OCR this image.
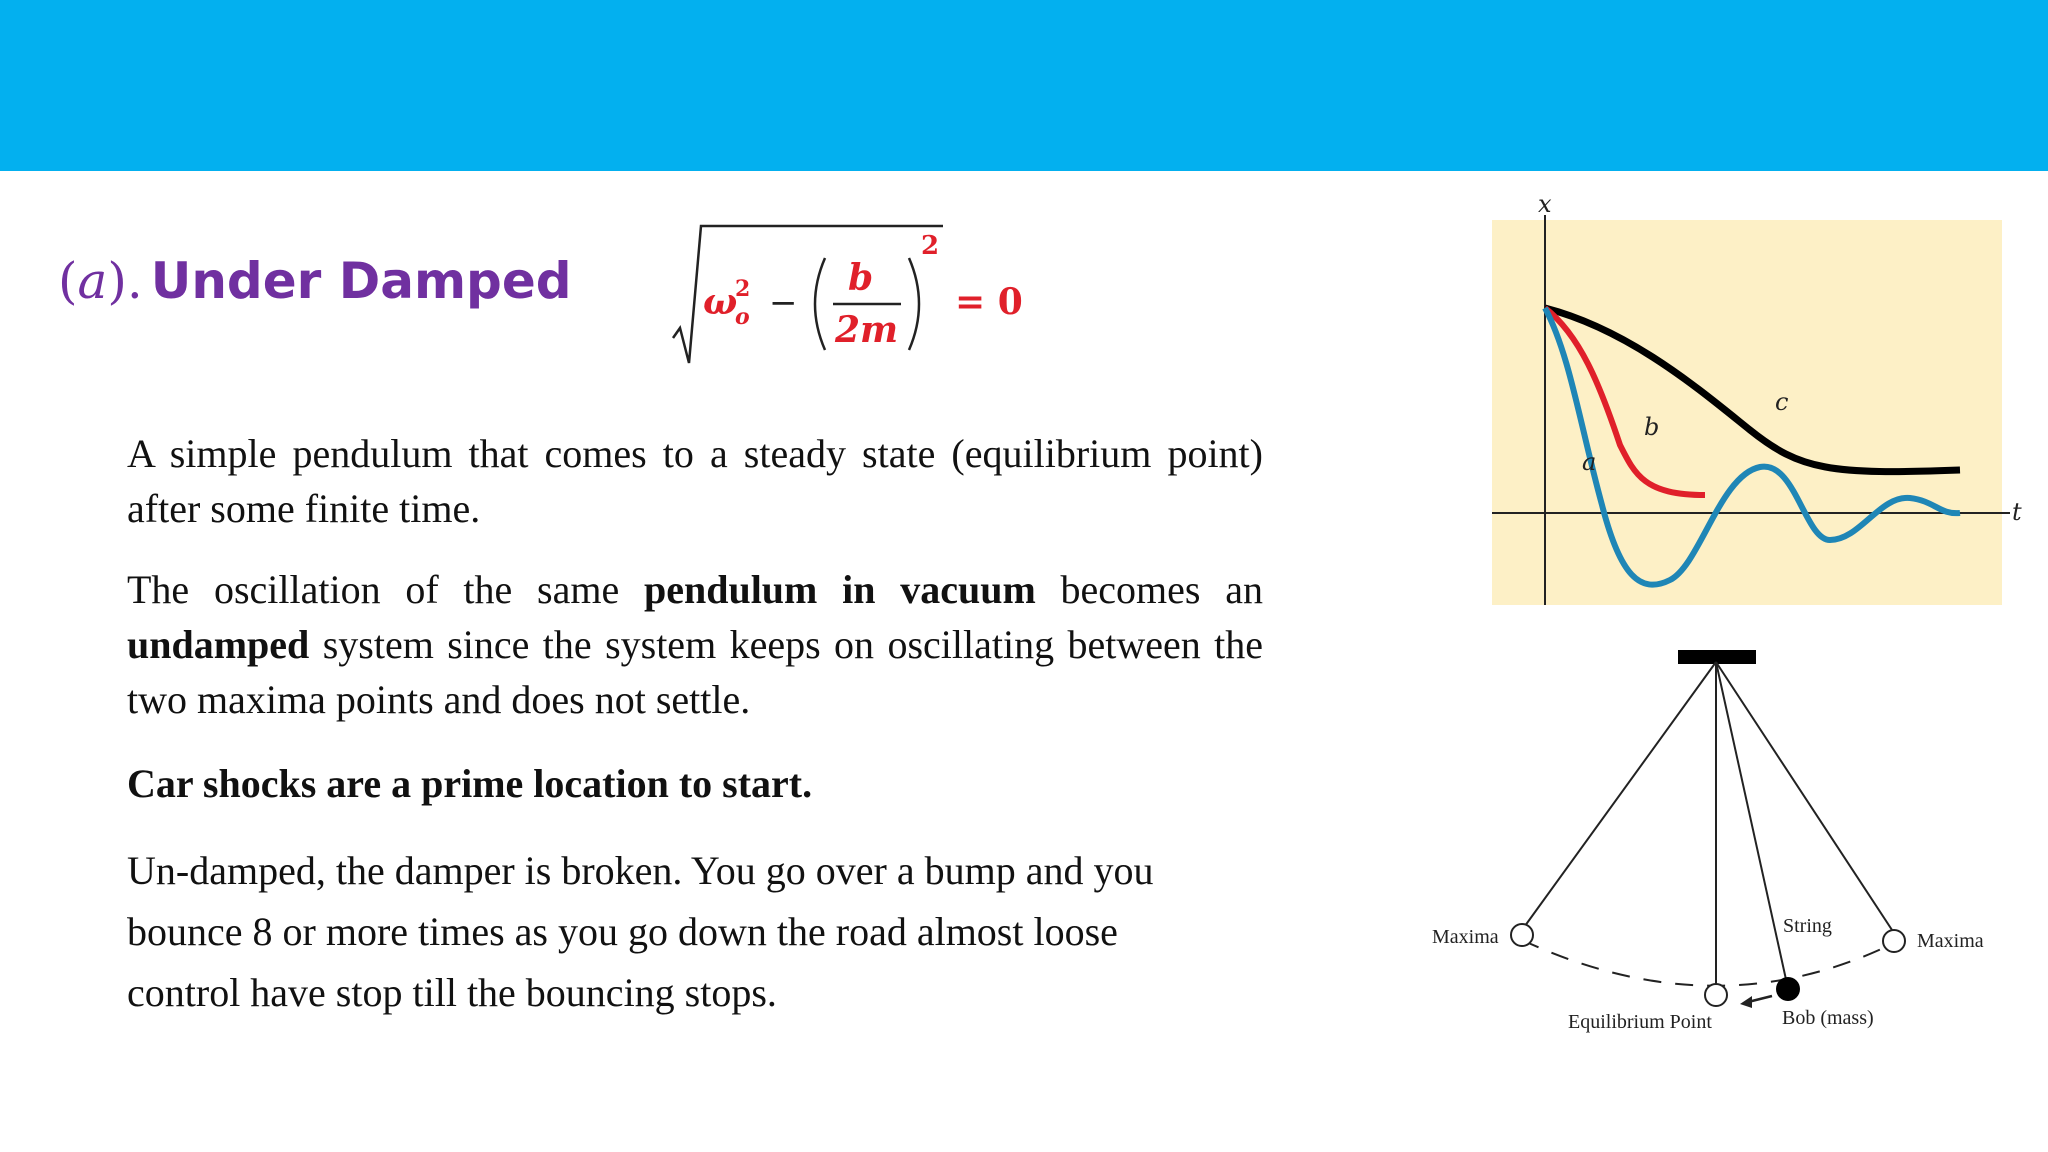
(a). Under Damped	ω
2
o −
b
2m
2
= 0
A simple pendulum that comes to a steady state (equilibrium point) after some finite time.
The oscillation of the same pendulum in vacuum becomes an undamped system since the system keeps on oscillating between the two maxima points and does not settle.
Car shocks are a prime location to start.
Un-damped, the damper is broken. You go over a bump and you
bounce 8 or more times as you go down the road almost loose
control have stop till the bouncing stops.
x
t
a
b
c
Maxima	Maxima
String
Equilibrium Point	Bob (mass)
